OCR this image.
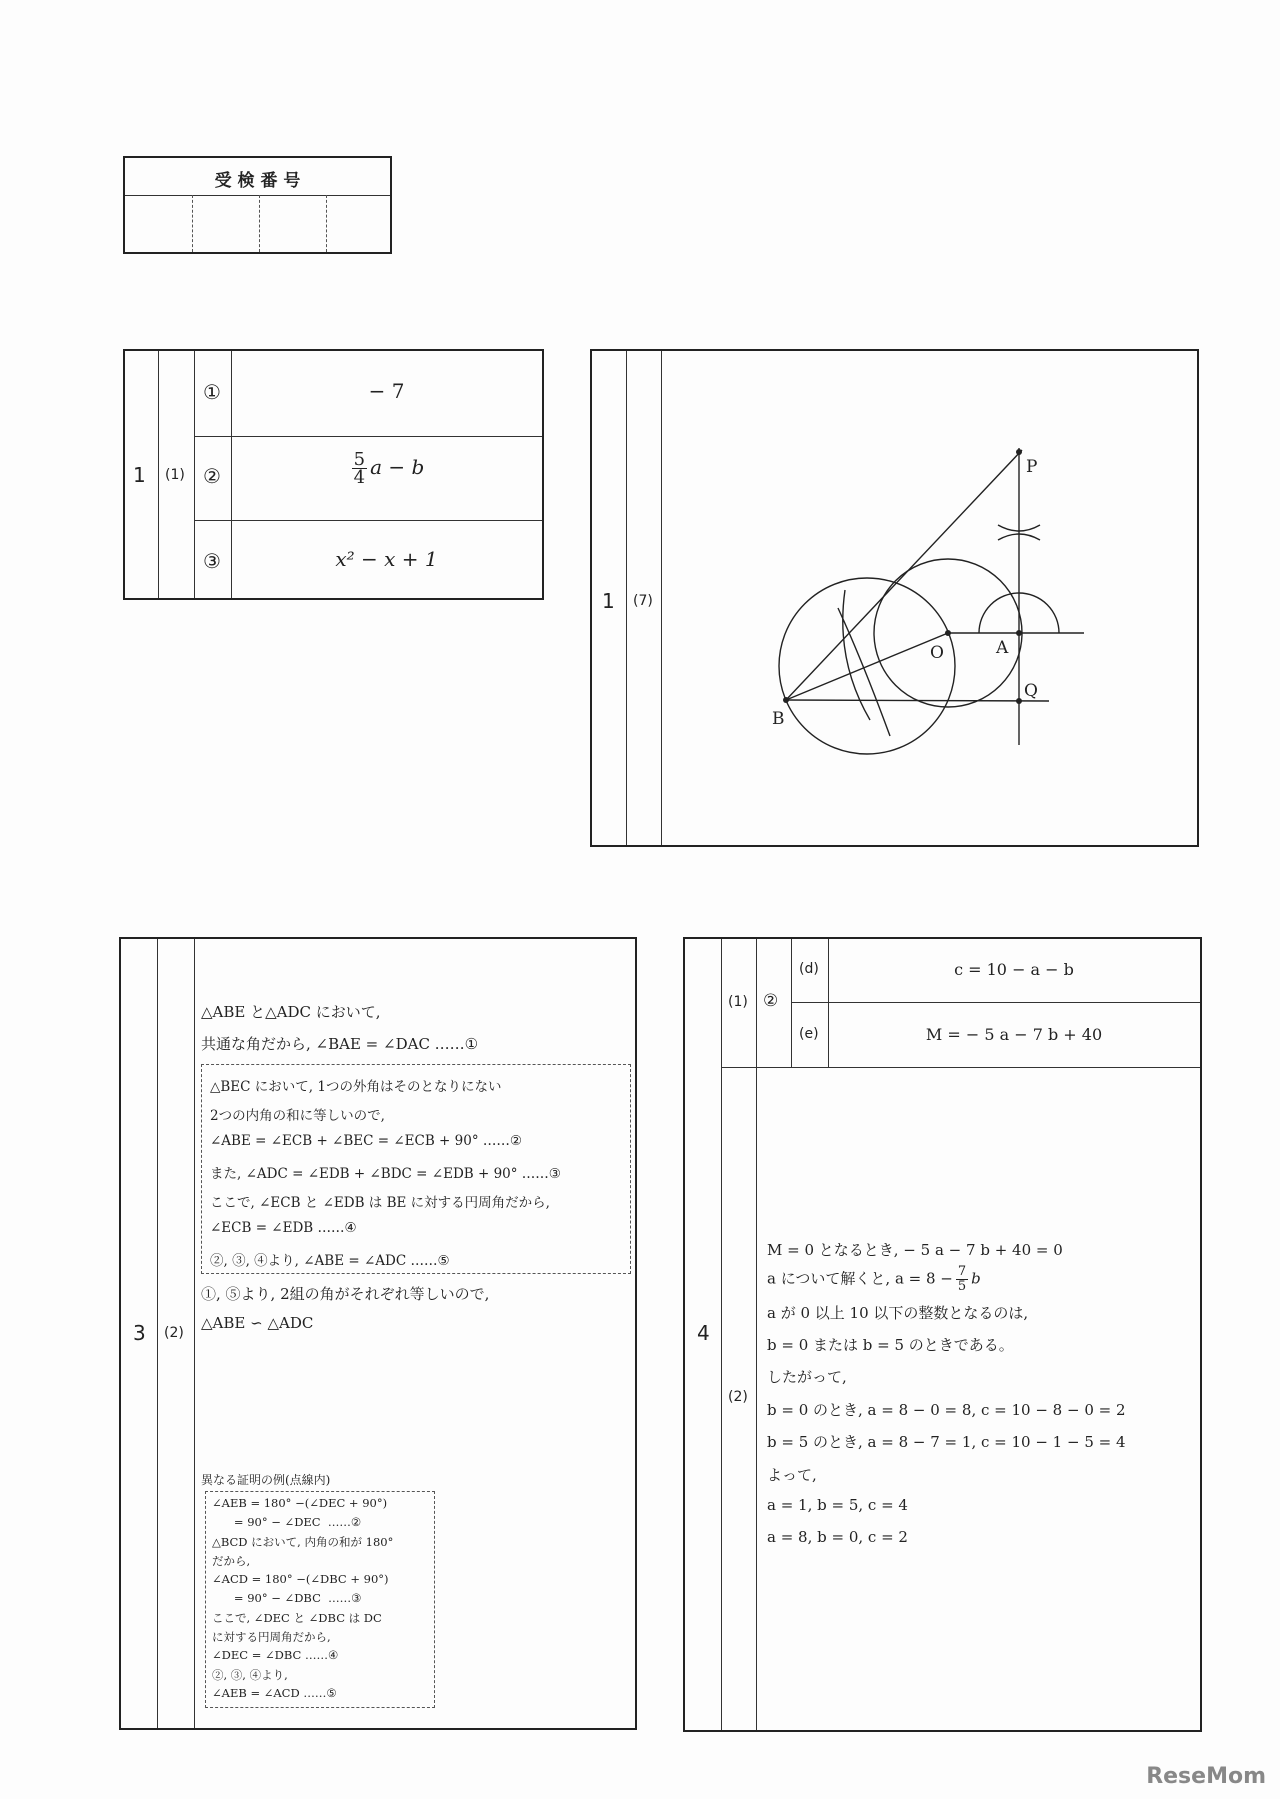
受 検 番 号
1 (1)
①
②
③
− 7
$\frac{5}{4}$ a − b
x² − x + 1
1 (7)
P
A
O
B
Q
3 (2)
△ABE と△ADC において,
共通な角だから, ∠BAE = ∠DAC ……①
△BEC において, 1つの外角はそのとなりにない
2つの内角の和に等しいので,
∠ABE = ∠ECB + ∠BEC = ∠ECB + 90° ……②
また, ∠ADC = ∠EDB + ∠BDC = ∠EDB + 90° ……③
ここで, ∠ECB と ∠EDB は BE に対する円周角だから,
∠ECB = ∠EDB ……④
②, ③, ④より, ∠ABE = ∠ADC ……⑤
①, ⑤より, 2組の角がそれぞれ等しいので,
△ABE ∽ △ADC
異なる証明の例(点線内)
∠AEB = 180° −(∠DEC + 90°)
= 90° − ∠DEC  ……②
△BCD において, 内角の和が 180°
だから,
∠ACD = 180° −(∠DBC + 90°)
= 90° − ∠DBC  ……③
ここで, ∠DEC と ∠DBC は DC
に対する円周角だから,
∠DEC = ∠DBC ……④
②, ③, ④より,
∠AEB = ∠ACD ……⑤
4
(1) ②
(d)
(e)
c = 10 − a − b
M = − 5 a − 7 b + 40
(2)
M = 0 となるとき, − 5 a − 7 b + 40 = 0
a について解くと, $a = 8 - \frac{7}{5}$ b
a が 0 以上 10 以下の整数となるのは,
b = 0 または b = 5 のときである。
したがって,
b = 0 のとき, a = 8 − 0 = 8, c = 10 − 8 − 0 = 2
b = 5 のとき, a = 8 − 7 = 1, c = 10 − 1 − 5 = 4
よって,
a = 1, b = 5, c = 4
a = 8, b = 0, c = 2
ReseMom
